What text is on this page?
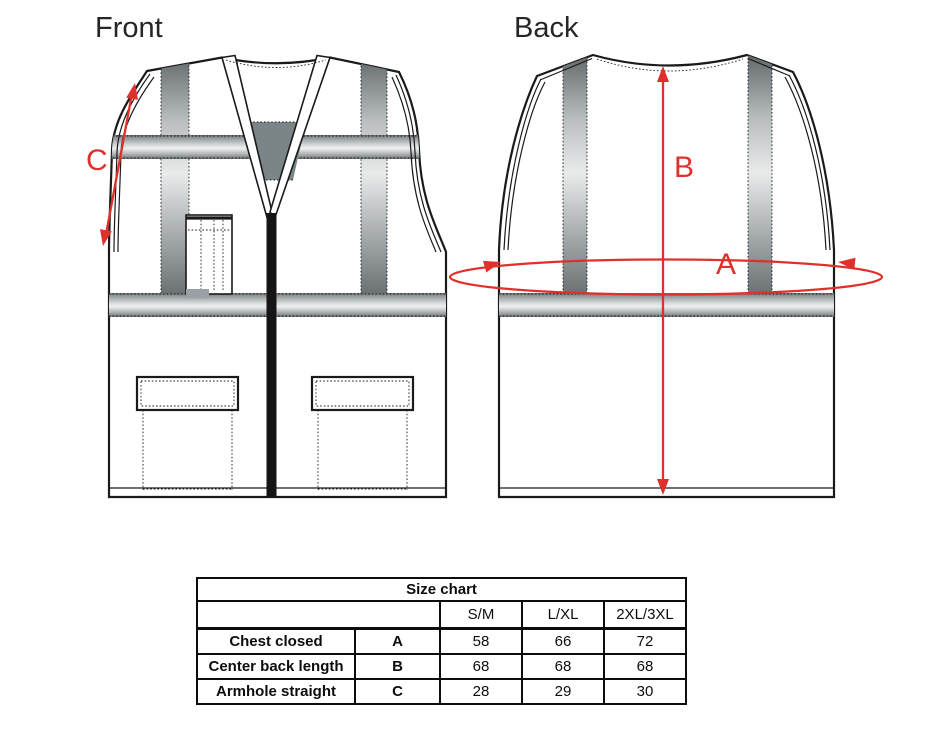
Front	Back
C	B
A
Size chart				
		S/M	L/XL	2XL/3XL
Chest closed	A	58	66	72
Center back length	B	68	68	68
Armhole straight	C	28	29	30
